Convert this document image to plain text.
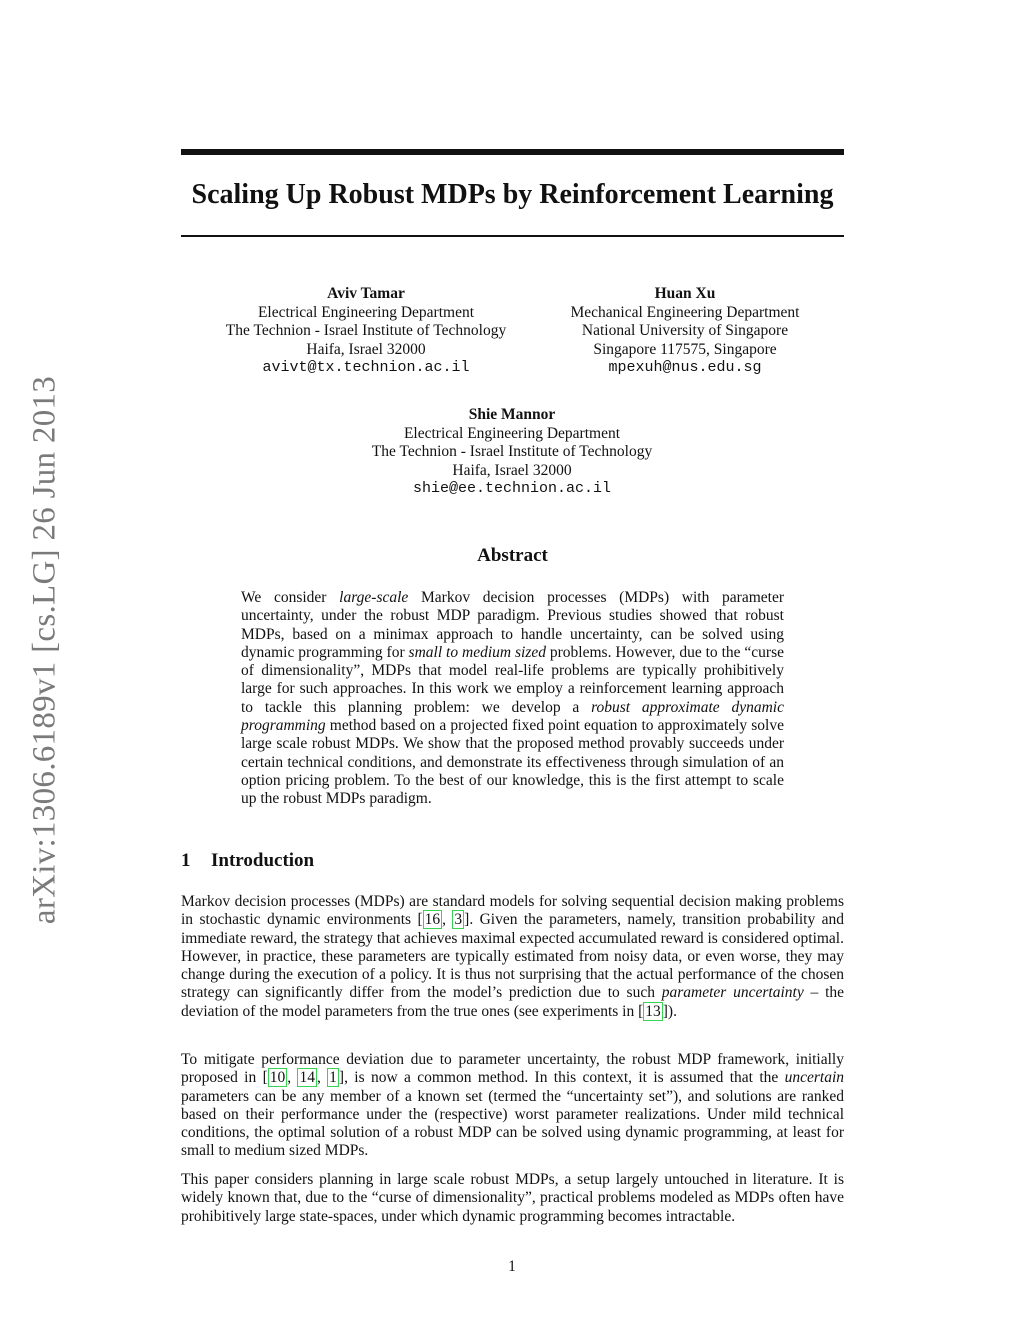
arXiv:1306.6189v1 [cs.LG] 26 Jun 2013
Scaling Up Robust MDPs by Reinforcement Learning
Aviv Tamar
Electrical Engineering Department
The Technion - Israel Institute of Technology
Haifa, Israel 32000
avivt@tx.technion.ac.il
Huan Xu
Mechanical Engineering Department
National University of Singapore
Singapore 117575, Singapore
mpexuh@nus.edu.sg
Shie Mannor
Electrical Engineering Department
The Technion - Israel Institute of Technology
Haifa, Israel 32000
shie@ee.technion.ac.il
Abstract

We consider large-scale Markov decision processes (MDPs) with parameter uncertainty, under the robust MDP paradigm. Previous studies showed that robust MDPs, based on a minimax approach to handle uncertainty, can be solved using dynamic programming for small to medium sized problems. However, due to the “curse of dimensionality”, MDPs that model real-life problems are typically prohibitively large for such approaches. In this work we employ a reinforcement learning approach to tackle this planning problem: we develop a robust approximate dynamic programming method based on a projected fixed point equation to approximately solve large scale robust MDPs. We show that the proposed method provably succeeds under certain technical conditions, and demonstrate its effectiveness through simulation of an option pricing problem. To the best of our knowledge, this is the first attempt to scale up the robust MDPs paradigm.

1 Introduction

Markov decision processes (MDPs) are standard models for solving sequential decision making problems in stochastic dynamic environments [ 16 , 3 ]. Given the parameters, namely, transition probability and immediate reward, the strategy that achieves maximal expected accumulated reward is considered optimal. However, in practice, these parameters are typically estimated from noisy data, or even worse, they may change during the execution of a policy. It is thus not surprising that the actual performance of the chosen strategy can significantly differ from the model’s prediction due to such parameter uncertainty – the deviation of the model parameters from the true ones (see experiments in [ 13 ]).

To mitigate performance deviation due to parameter uncertainty, the robust MDP framework, initially proposed in [ 10 , 14 , 1 ], is now a common method. In this context, it is assumed that the uncertain parameters can be any member of a known set (termed the “uncertainty set”), and solutions are ranked based on their performance under the (respective) worst parameter realizations. Under mild technical conditions, the optimal solution of a robust MDP can be solved using dynamic programming, at least for small to medium sized MDPs.

This paper considers planning in large scale robust MDPs, a setup largely untouched in literature. It is widely known that, due to the “curse of dimensionality”, practical problems modeled as MDPs often have prohibitively large state-spaces, under which dynamic programming becomes intractable.

1
